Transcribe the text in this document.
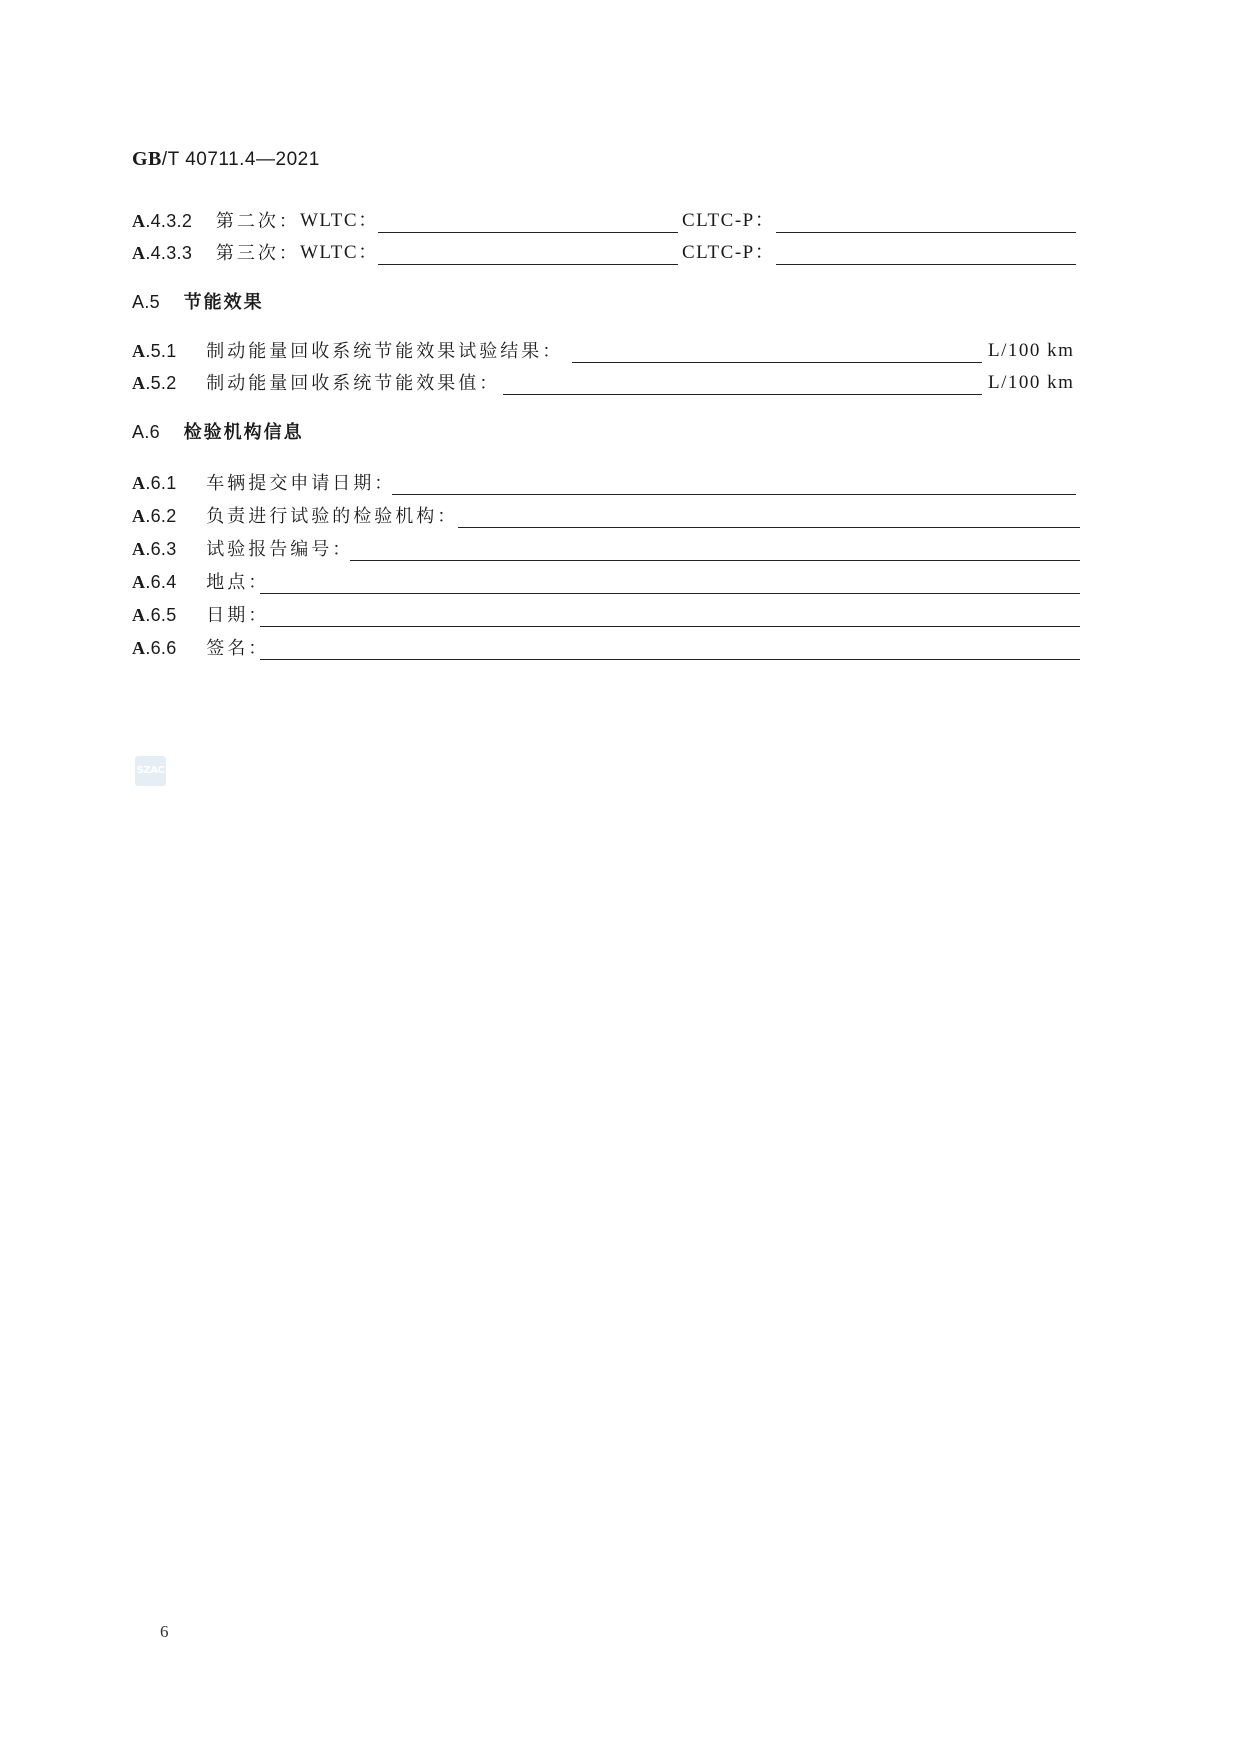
GB/T 40711.4—2021
A.4.3.2 第二次： WLTC：	CLTC-P：
A.4.3.3 第三次： WLTC：	CLTC-P：
A.5 节能效果
A.5.1 制动能量回收系统节能效果试验结果：	L/100 km
A.5.2 制动能量回收系统节能效果值：	L/100 km
A.6 检验机构信息
A.6.1 车辆提交申请日期：
A.6.2 负责进行试验的检验机构：
A.6.3 试验报告编号：
A.6.4 地点：
A.6.5 日期：
A.6.6 签名：
SZAC
6
